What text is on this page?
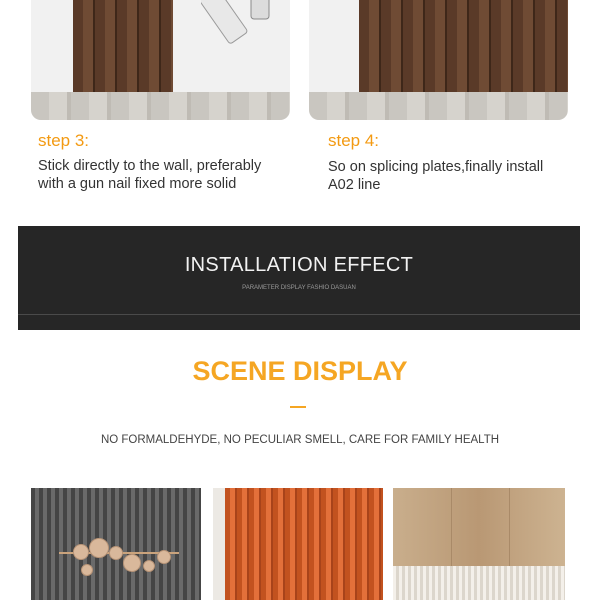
step 3:
Stick directly to the wall, preferably with a gun nail fixed more solid
step 4:
So on splicing plates,finally install A02 line
INSTALLATION EFFECT
PARAMETER DISPLAY FASHIO DASUAN
SCENE DISPLAY
NO FORMALDEHYDE, NO PECULIAR SMELL, CARE FOR FAMILY HEALTH
